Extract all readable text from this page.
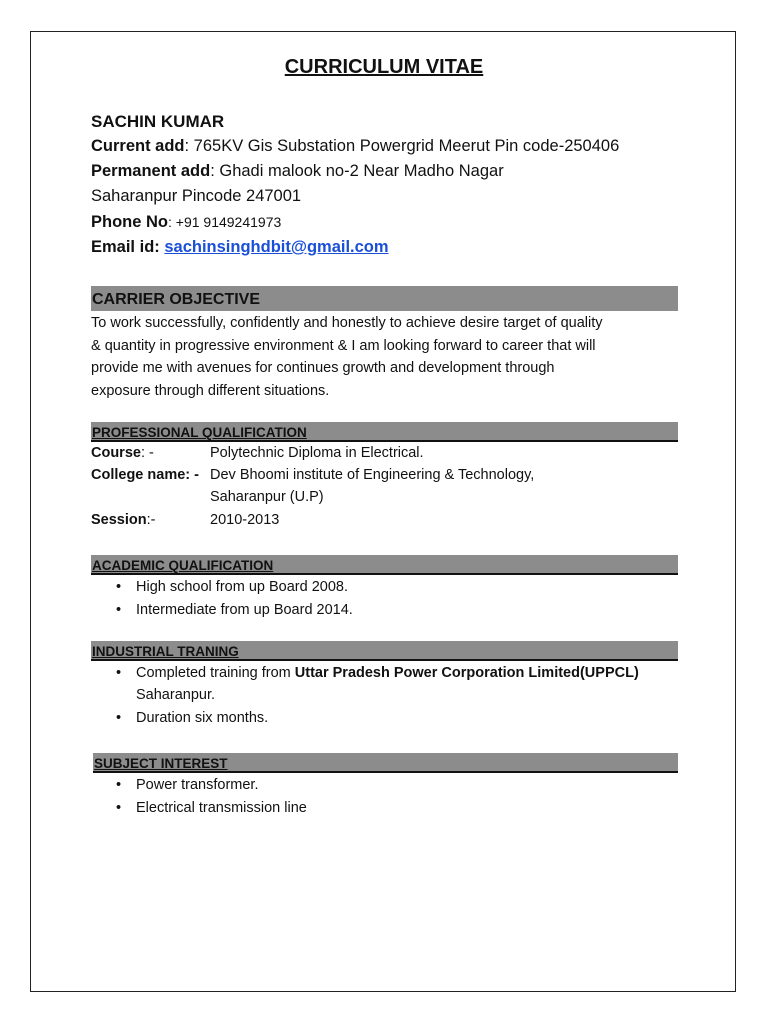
CURRICULUM VITAE
SACHIN KUMAR
Current add: 765KV Gis Substation Powergrid Meerut Pin code-250406
Permanent add: Ghadi malook no-2 Near Madho Nagar
Saharanpur Pincode 247001
Phone No: +91 9149241973
Email id: sachinsinghdbit@gmail.com
CARRIER OBJECTIVE
To work successfully, confidently and honestly to achieve desire target of quality
& quantity in progressive environment & I am looking forward to career that will
provide me with avenues for continues growth and development through
exposure through different situations.
PROFESSIONAL QUALIFICATION
Course: -	Polytechnic Diploma in Electrical.
College name: - Dev Bhoomi institute of Engineering & Technology,
Saharanpur (U.P)
Session:-	2010-2013
ACADEMIC QUALIFICATION
• High school from up Board 2008.
• Intermediate from up Board 2014.
INDUSTRIAL TRANING
• Completed training from Uttar Pradesh Power Corporation Limited(UPPCL)
Saharanpur.
• Duration six months.
SUBJECT INTEREST
• Power transformer.
• Electrical transmission line
